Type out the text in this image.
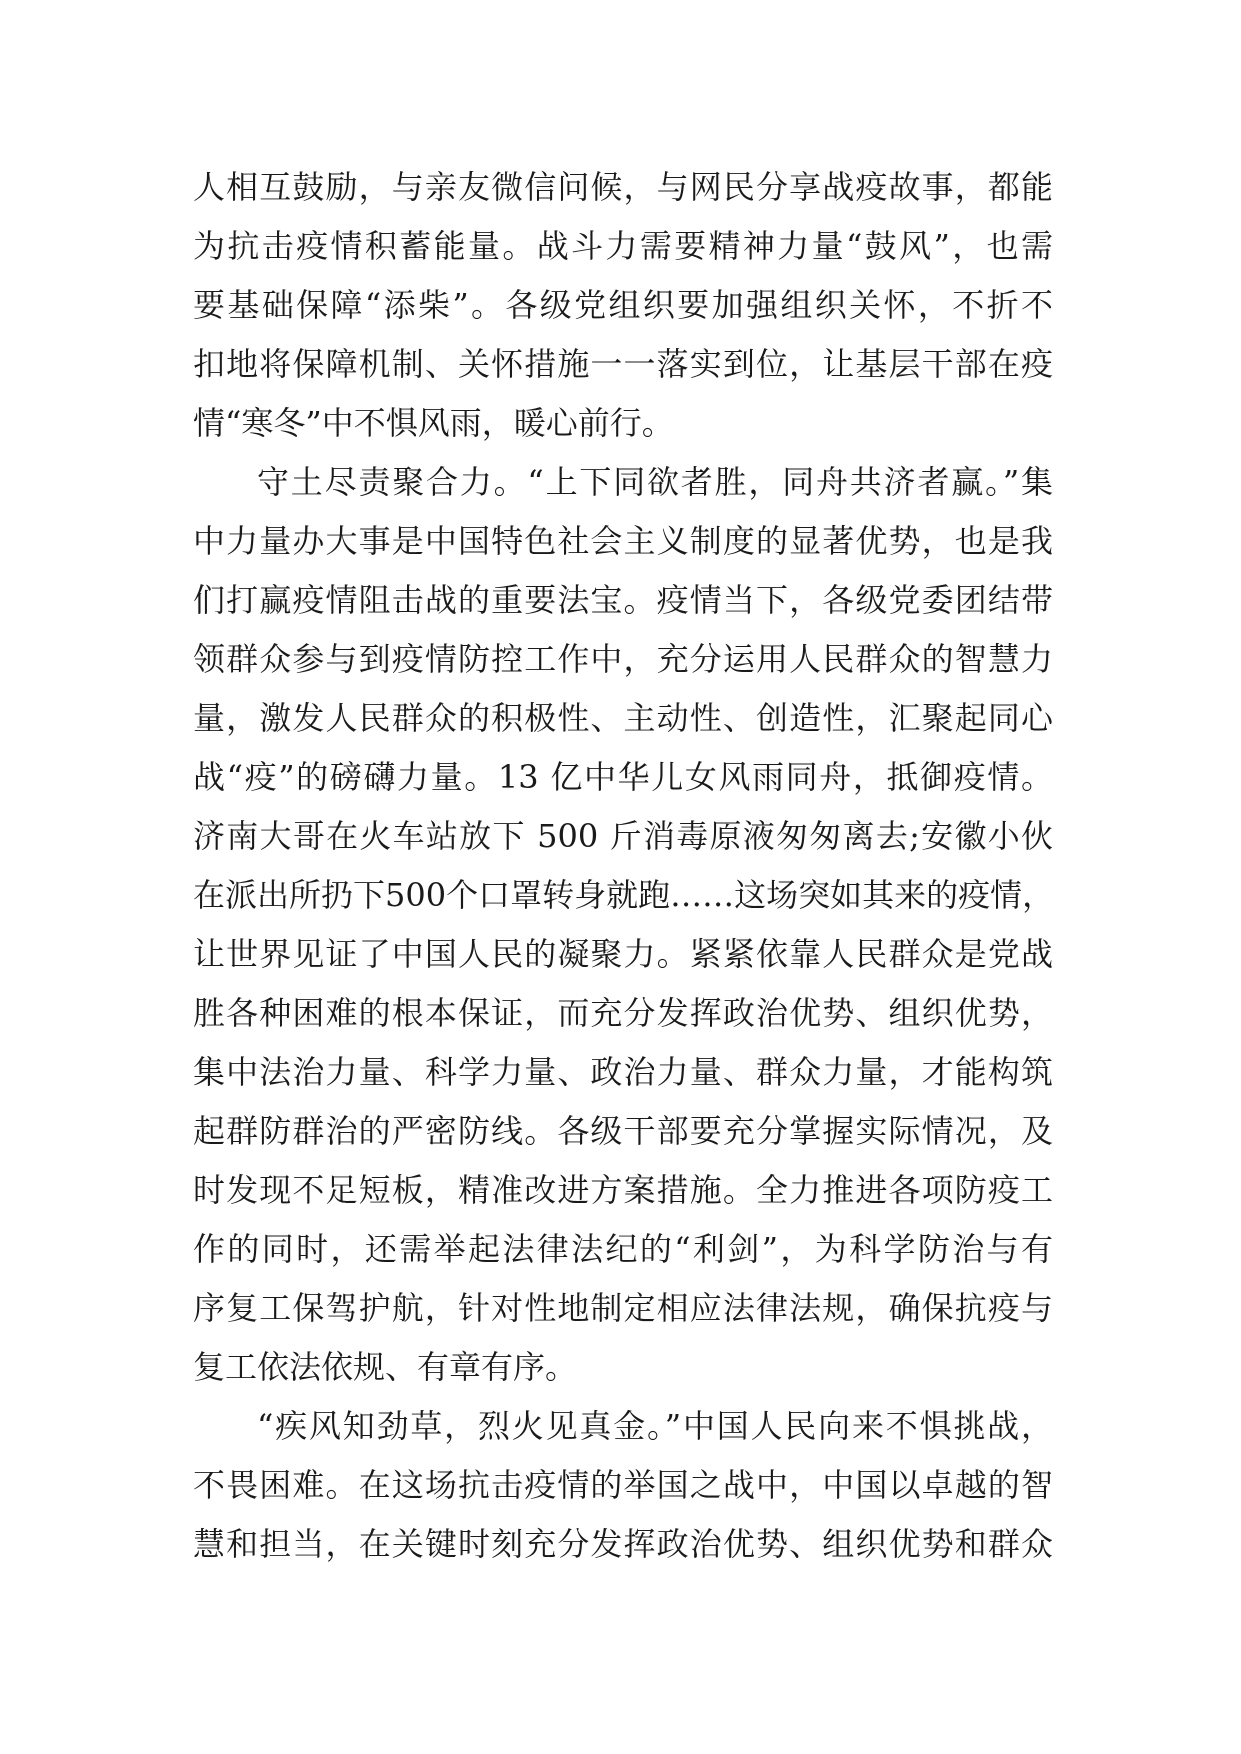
人相互鼓励，与亲友微信问候，与网民分享战疫故事，都能
为抗击疫情积蓄能量。战斗力需要精神力量“鼓风”，也需
要基础保障“添柴”。各级党组织要加强组织关怀，不折不
扣地将保障机制、关怀措施一一落实到位，让基层干部在疫
情“寒冬”中不惧风雨，暖心前行。
守土尽责聚合力。“上下同欲者胜，同舟共济者赢。”集
中力量办大事是中国特色社会主义制度的显著优势，也是我
们打赢疫情阻击战的重要法宝。疫情当下，各级党委团结带
领群众参与到疫情防控工作中，充分运用人民群众的智慧力
量，激发人民群众的积极性、主动性、创造性，汇聚起同心
战“疫”的磅礴力量。13 亿中华儿女风雨同舟，抵御疫情。
济南大哥在火车站放下 500 斤消毒原液匆匆离去;安徽小伙
在派出所扔下500个口罩转身就跑……这场突如其来的疫情，
让世界见证了中国人民的凝聚力。紧紧依靠人民群众是党战
胜各种困难的根本保证，而充分发挥政治优势、组织优势，
集中法治力量、科学力量、政治力量、群众力量，才能构筑
起群防群治的严密防线。各级干部要充分掌握实际情况，及
时发现不足短板，精准改进方案措施。全力推进各项防疫工
作的同时，还需举起法律法纪的“利剑”，为科学防治与有
序复工保驾护航，针对性地制定相应法律法规，确保抗疫与
复工依法依规、有章有序。
“疾风知劲草，烈火见真金。”中国人民向来不惧挑战，
不畏困难。在这场抗击疫情的举国之战中，中国以卓越的智
慧和担当，在关键时刻充分发挥政治优势、组织优势和群众
